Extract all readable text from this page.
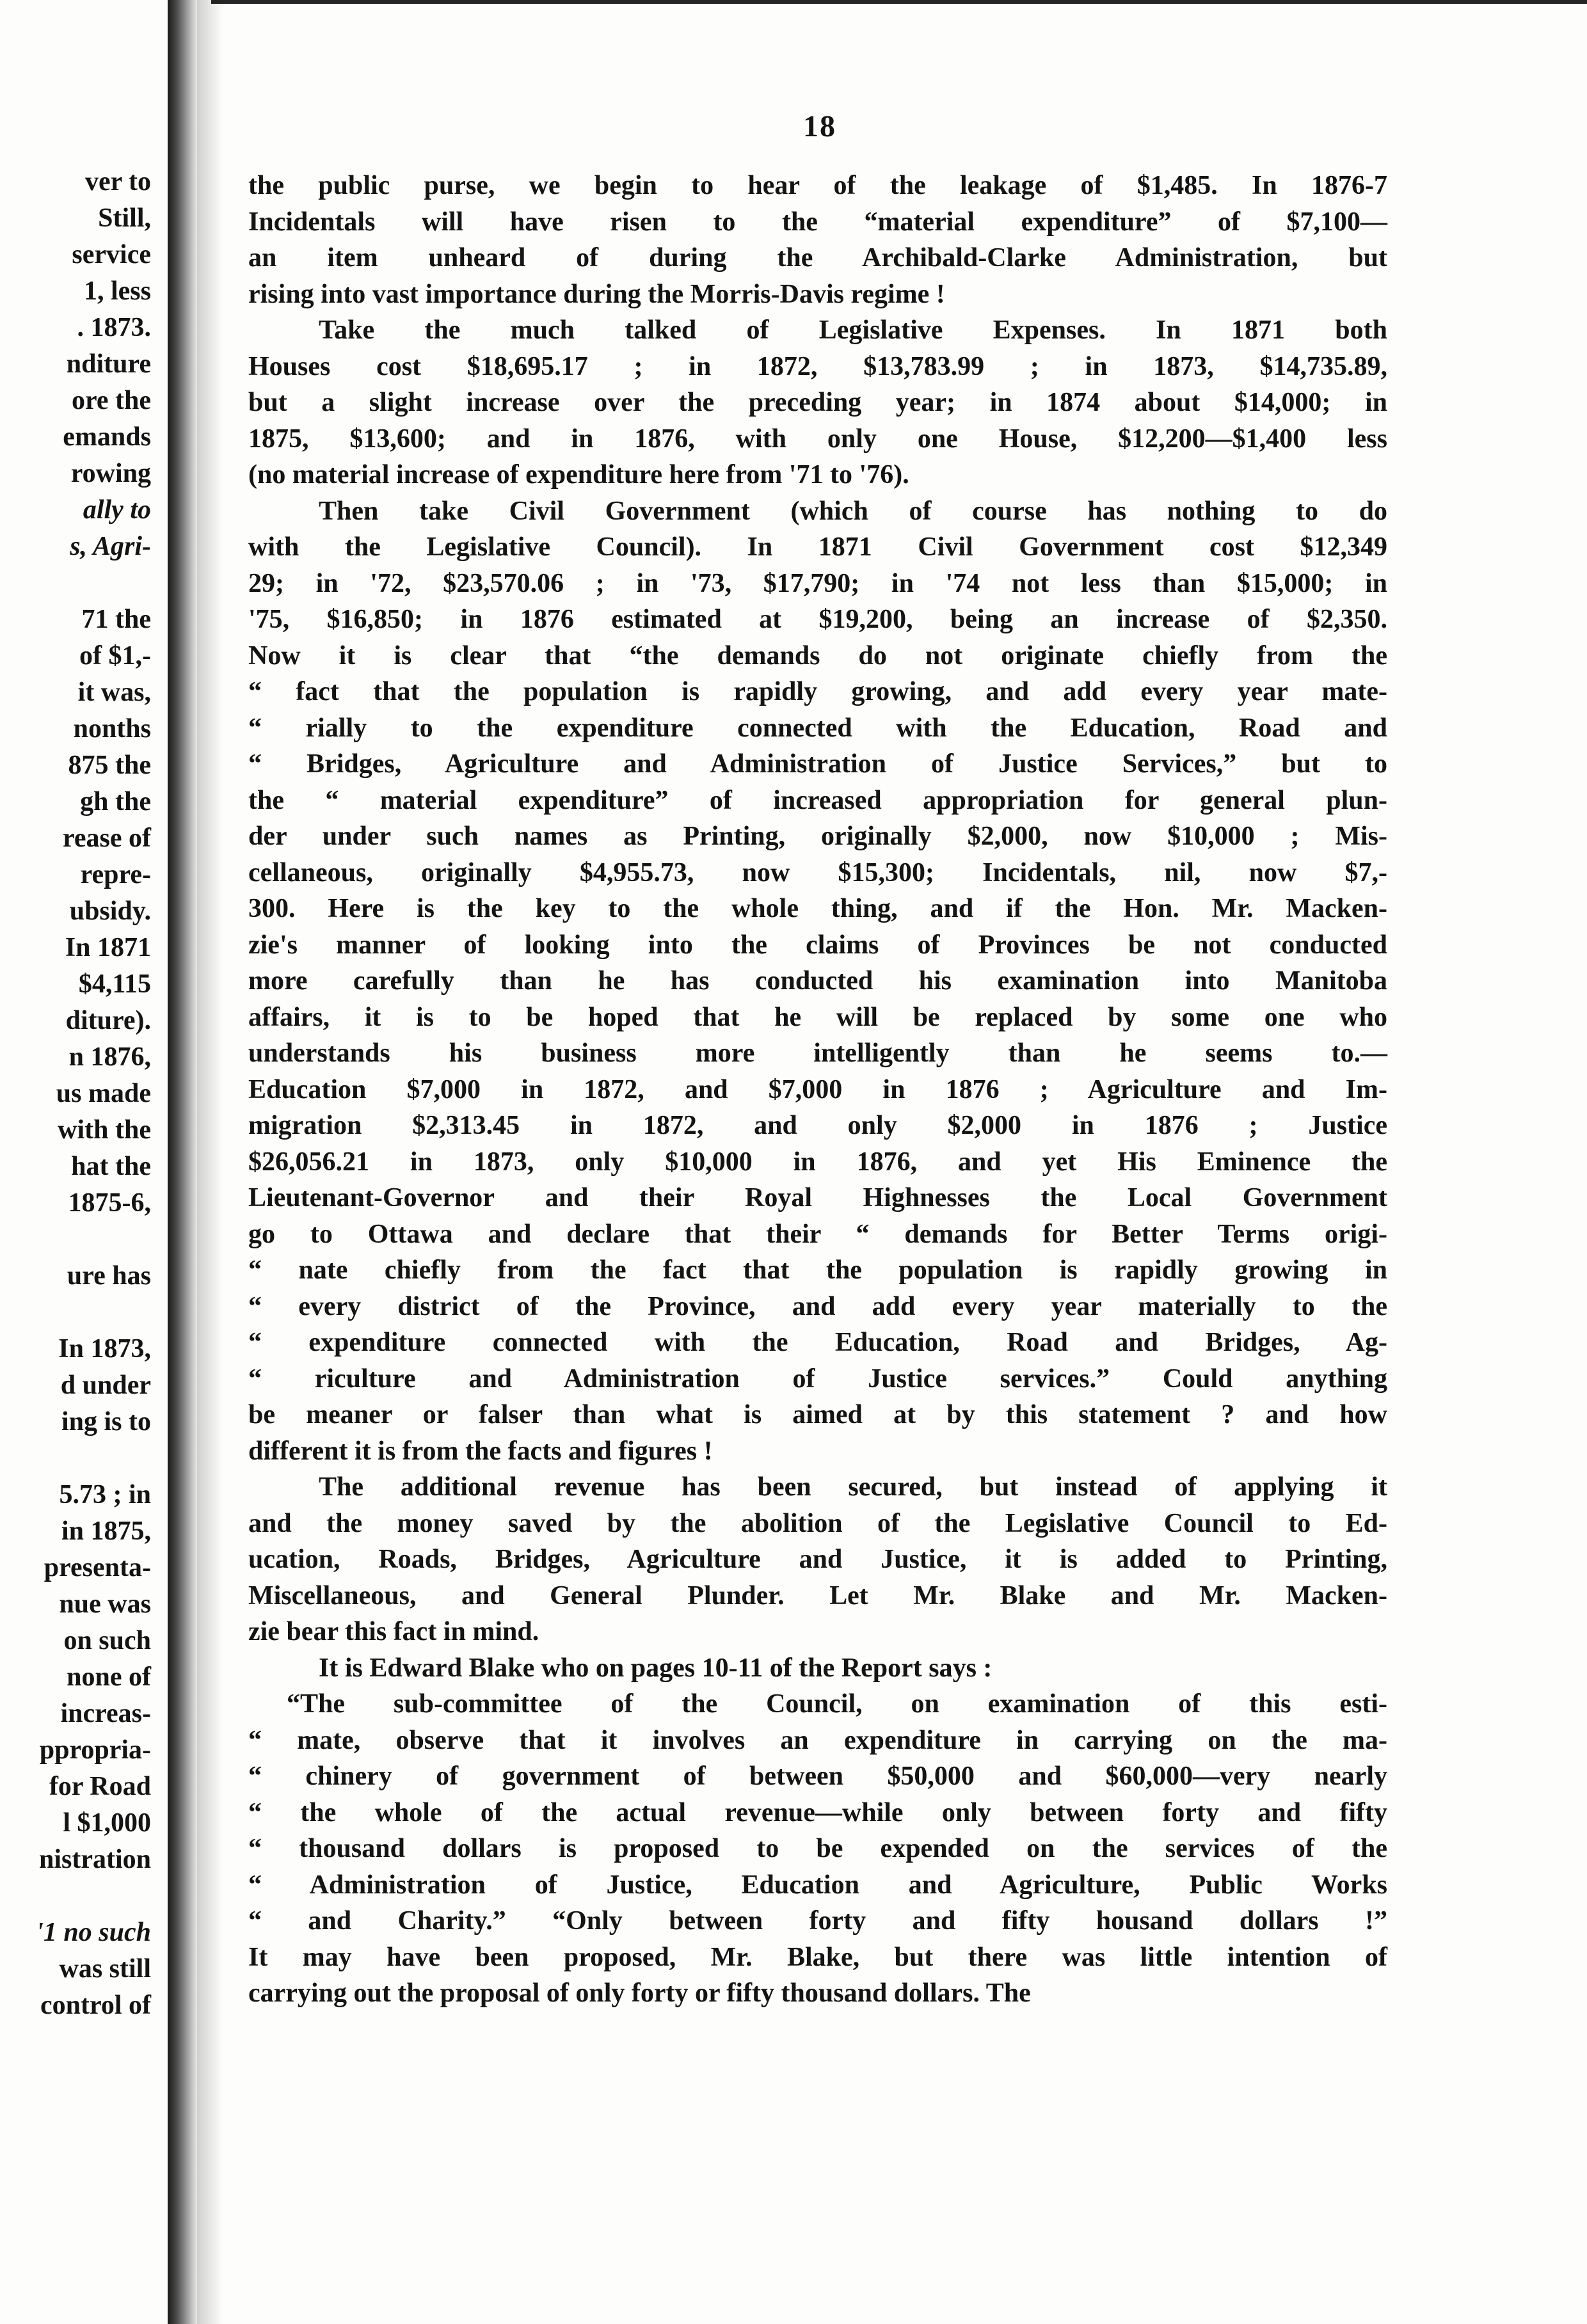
ver to
Still,
service
1, less
. 1873.
nditure
ore the
emands
rowing
ally to
s, Agri-
71 the
of $1,-
it was,
nonths
875 the
gh the
rease of
repre-
ubsidy.
In 1871
$4,115
diture).
n 1876,
us made
with the
hat the
1875-6,
ure has
In 1873,
d under
ing is to
5.73 ; in
in 1875,
presenta-
nue was
on such
none of
increas-
ppropria-
for Road
l $1,000
nistration
'1 no such
was still
control of
18
the public purse, we begin to hear of the leakage of $1,485. In 1876-7
Incidentals will have risen to the “material expenditure” of $7,100—
an item unheard of during the Archibald-Clarke Administration, but
rising into vast importance during the Morris-Davis regime !
Take the much talked of Legislative Expenses. In 1871 both
Houses cost $18,695.17 ; in 1872, $13,783.99 ; in 1873, $14,735.89,
but a slight increase over the preceding year; in 1874 about $14,000; in
1875, $13,600; and in 1876, with only one House, $12,200—$1,400 less
(no material increase of expenditure here from '71 to '76).
Then take Civil Government (which of course has nothing to do
with the Legislative Council). In 1871 Civil Government cost $12,349
29; in '72, $23,570.06 ; in '73, $17,790; in '74 not less than $15,000; in
'75, $16,850; in 1876 estimated at $19,200, being an increase of $2,350.
Now it is clear that “the demands do not originate chiefly from the
“ fact that the population is rapidly growing, and add every year mate-
“ rially to the expenditure connected with the Education, Road and
“ Bridges, Agriculture and Administration of Justice Services,” but to
the “ material expenditure” of increased appropriation for general plun-
der under such names as Printing, originally $2,000, now $10,000 ; Mis-
cellaneous, originally $4,955.73, now $15,300; Incidentals, nil, now $7,-
300. Here is the key to the whole thing, and if the Hon. Mr. Macken-
zie's manner of looking into the claims of Provinces be not conducted
more carefully than he has conducted his examination into Manitoba
affairs, it is to be hoped that he will be replaced by some one who
understands his business more intelligently than he seems to.—
Education $7,000 in 1872, and $7,000 in 1876 ; Agriculture and Im-
migration $2,313.45 in 1872, and only $2,000 in 1876 ; Justice
$26,056.21 in 1873, only $10,000 in 1876, and yet His Eminence the
Lieutenant-Governor and their Royal Highnesses the Local Government
go to Ottawa and declare that their “ demands for Better Terms origi-
“ nate chiefly from the fact that the population is rapidly growing in
“ every district of the Province, and add every year materially to the
“ expenditure connected with the Education, Road and Bridges, Ag-
“ riculture and Administration of Justice services.” Could anything
be meaner or falser than what is aimed at by this statement ? and how
different it is from the facts and figures !
The additional revenue has been secured, but instead of applying it
and the money saved by the abolition of the Legislative Council to Ed-
ucation, Roads, Bridges, Agriculture and Justice, it is added to Printing,
Miscellaneous, and General Plunder. Let Mr. Blake and Mr. Macken-
zie bear this fact in mind.
It is Edward Blake who on pages 10-11 of the Report says :
“The sub-committee of the Council, on examination of this esti-
“ mate, observe that it involves an expenditure in carrying on the ma-
“ chinery of government of between $50,000 and $60,000—very nearly
“ the whole of the actual revenue—while only between forty and fifty
“ thousand dollars is proposed to be expended on the services of the
“ Administration of Justice, Education and Agriculture, Public Works
“ and Charity.” “Only between forty and fifty housand dollars !”
It may have been proposed, Mr. Blake, but there was little intention of
carrying out the proposal of only forty or fifty thousand dollars. The
